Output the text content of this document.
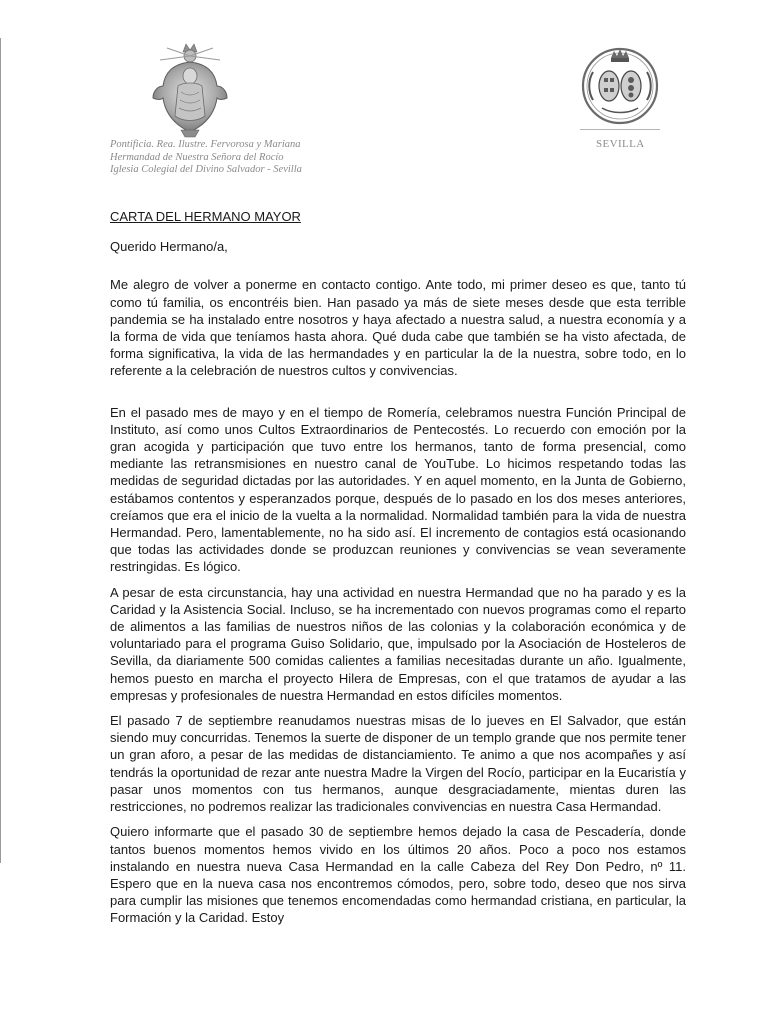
SEVILLA
Pontificia. Rea. Ilustre. Fervorosa y Mariana
Hermandad de Nuestra Señora del Rocío
Iglesia Colegial del Divino Salvador - Sevilla
CARTA DEL HERMANO MAYOR
Querido Hermano/a,

Me alegro de volver a ponerme en contacto contigo. Ante todo, mi primer deseo es que, tanto tú como tú familia, os encontréis bien. Han pasado ya más de siete meses desde que esta terrible pandemia se ha instalado entre nosotros y haya afectado a nuestra salud, a nuestra economía y a la forma de vida que teníamos hasta ahora. Qué duda cabe que también se ha visto afectada, de forma significativa, la vida de las hermandades y en particular la de la nuestra, sobre todo, en lo referente a la celebración de nuestros cultos y convivencias.

En el pasado mes de mayo y en el tiempo de Romería, celebramos nuestra Función Principal de Instituto, así como unos Cultos Extraordinarios de Pentecostés. Lo recuerdo con emoción por la gran acogida y participación que tuvo entre los hermanos, tanto de forma presencial, como mediante las retransmisiones en nuestro canal de YouTube. Lo hicimos respetando todas las medidas de seguridad dictadas por las autoridades. Y en aquel momento, en la Junta de Gobierno, estábamos contentos y esperanzados porque, después de lo pasado en los dos meses anteriores, creíamos que era el inicio de la vuelta a la normalidad. Normalidad también para la vida de nuestra Hermandad. Pero, lamentablemente, no ha sido así. El incremento de contagios está ocasionando que todas las actividades donde se produzcan reuniones y convivencias se vean severamente restringidas. Es lógico.

A pesar de esta circunstancia, hay una actividad en nuestra Hermandad que no ha parado y es la Caridad y la Asistencia Social. Incluso, se ha incrementado con nuevos programas como el reparto de alimentos a las familias de nuestros niños de las colonias y la colaboración económica y de voluntariado para el programa Guiso Solidario, que, impulsado por la Asociación de Hosteleros de Sevilla, da diariamente 500 comidas calientes a familias necesitadas durante un año. Igualmente, hemos puesto en marcha el proyecto Hilera de Empresas, con el que tratamos de ayudar a las empresas y profesionales de nuestra Hermandad en estos difíciles momentos.

El pasado 7 de septiembre reanudamos nuestras misas de lo jueves en El Salvador, que están siendo muy concurridas. Tenemos la suerte de disponer de un templo grande que nos permite tener un gran aforo, a pesar de las medidas de distanciamiento. Te animo a que nos acompañes y así tendrás la oportunidad de rezar ante nuestra Madre la Virgen del Rocío, participar en la Eucaristía y pasar unos momentos con tus hermanos, aunque desgraciadamente, mientas duren las restricciones, no podremos realizar las tradicionales convivencias en nuestra Casa Hermandad.

Quiero informarte que el pasado 30 de septiembre hemos dejado la casa de Pescadería, donde tantos buenos momentos hemos vivido en los últimos 20 años. Poco a poco nos estamos instalando en nuestra nueva Casa Hermandad en la calle Cabeza del Rey Don Pedro, nº 11. Espero que en la nueva casa nos encontremos cómodos, pero, sobre todo, deseo que nos sirva para cumplir las misiones que tenemos encomendadas como hermandad cristiana, en particular, la Formación y la Caridad. Estoy
